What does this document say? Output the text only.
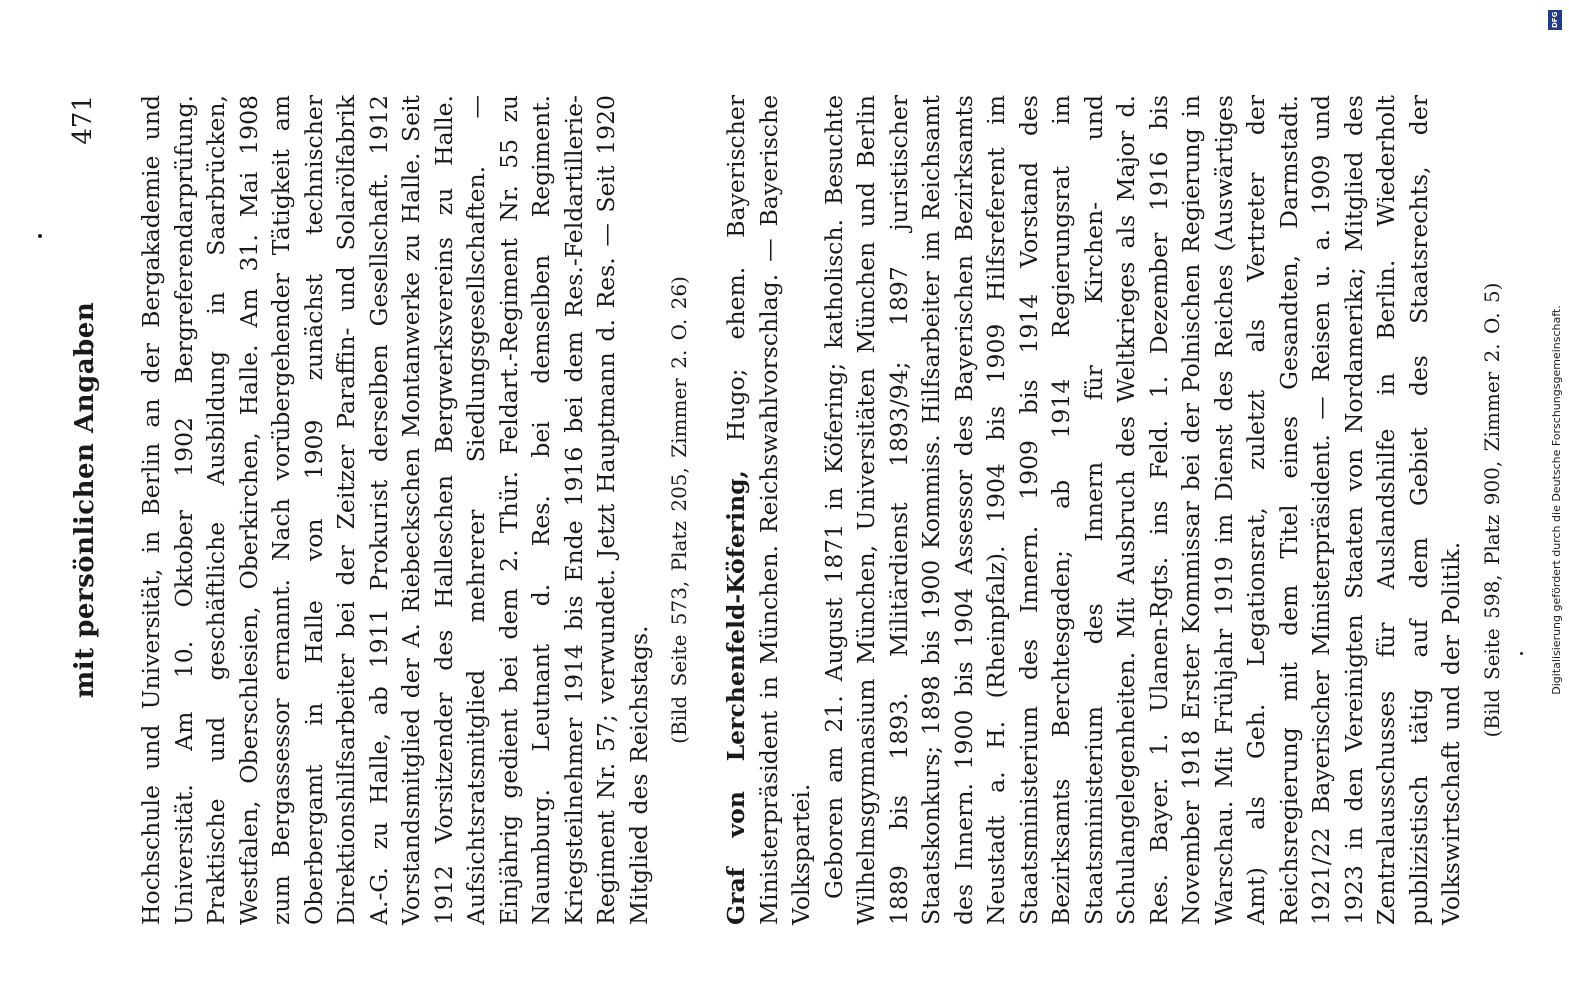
mit persönlichen Angaben
471 Hochschule und Universität, in Berlin an der Bergakademie und Universität. Am 10. Oktober 1902 Bergreferendarprüfung. Praktische und geschäftliche Ausbildung in Saarbrücken, Westfalen, Oberschlesien, Oberkirchen, Halle. Am 31. Mai 1908 zum Bergassessor ernannt. Nach vorübergehender Tätigkeit am Oberbergamt in Halle von 1909 zunächst technischer Direktionshilfsarbeiter bei der Zeitzer Paraffin- und Solarölfabrik A.-G. zu Halle, ab 1911 Prokurist derselben Gesellschaft. 1912 Vorstandsmitglied der A. Riebeckschen Montanwerke zu Halle. Seit 1912 Vorsitzender des Halleschen Bergwerksvereins zu Halle. Aufsichtsratsmitglied mehrerer Siedlungsgesellschaften. — Einjährig gedient bei dem 2. Thür. Feldart.-Regiment Nr. 55 zu Naumburg. Leutnant d. Res. bei demselben Regiment. Kriegsteilnehmer 1914 bis Ende 1916 bei dem Res.-Feldartillerie-Regiment Nr. 57; verwundet. Jetzt Hauptmann d. Res. — Seit 1920 Mitglied des Reichstags.

(Bild Seite 573, Platz 205, Zimmer 2. O. 26) Graf von Lerchenfeld-Köfering, Hugo; ehem. Bayerischer Ministerpräsident in München. Reichswahlvorschlag. — Bayerische Volkspartei. Geboren am 21. August 1871 in Köfering; katholisch. Besuchte Wilhelmsgymnasium München, Universitäten München und Berlin 1889 bis 1893. Militärdienst 1893/94; 1897 juristischer Staatskonkurs; 1898 bis 1900 Kommiss. Hilfsarbeiter im Reichsamt des Innern. 1900 bis 1904 Assessor des Bayerischen Bezirksamts Neustadt a. H. (Rheinpfalz). 1904 bis 1909 Hilfsreferent im Staatsministerium des Innern. 1909 bis 1914 Vorstand des Bezirksamts Berchtesgaden; ab 1914 Regierungsrat im Staatsministerium des Innern für Kirchen- und Schulangelegenheiten. Mit Ausbruch des Weltkrieges als Major d. Res. Bayer. 1. Ulanen-Rgts. ins Feld. 1. Dezember 1916 bis November 1918 Erster Kommissar bei der Polnischen Regierung in Warschau. Mit Frühjahr 1919 im Dienst des Reiches (Auswärtiges Amt) als Geh. Legationsrat, zuletzt als Vertreter der Reichsregierung mit dem Titel eines Gesandten, Darmstadt. 1921/22 Bayerischer Ministerpräsident. — Reisen u. a. 1909 und 1923 in den Vereinigten Staaten von Nordamerika; Mitglied des Zentralausschusses für Auslandshilfe in Berlin. Wiederholt publizistisch tätig auf dem Gebiet des Staatsrechts, der Volkswirtschaft und der Politik. (Bild Seite 598, Platz 900, Zimmer 2. O. 5)
DFG
Digitalisierung gefördert durch die Deutsche Forschungsgemeinschaft.
